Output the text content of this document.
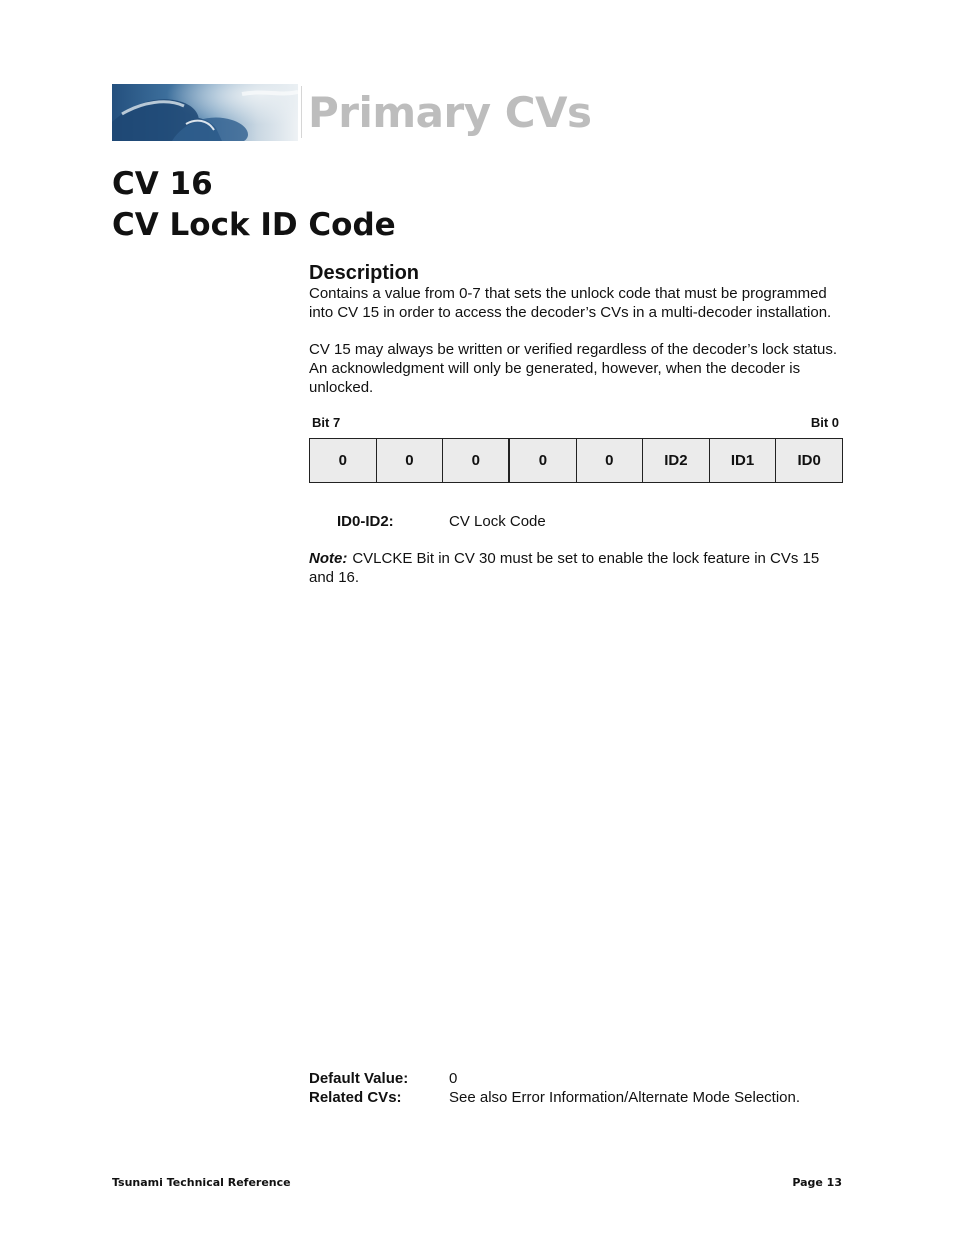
Primary CVs
CV 16
CV Lock ID Code
Description

Contains a value from 0-7 that sets the unlock code that must be programmed into CV 15 in order to access the decoder’s CVs in a multi-decoder installation.

CV 15 may always be written or verified regardless of the decoder’s lock status. An acknowledgment will only be generated, however, when the decoder is unlocked.

Bit 7	Bit 0
0	0	0	0	0	ID2	ID1	ID0
ID0-ID2:	CV Lock Code

Note: CVLCKE Bit in CV 30 must be set to enable the lock feature in CVs 15 and 16.

Default Value:	0
Related CVs:	See also Error Information/Alternate Mode Selection.
Tsunami Technical Reference	Page 13
